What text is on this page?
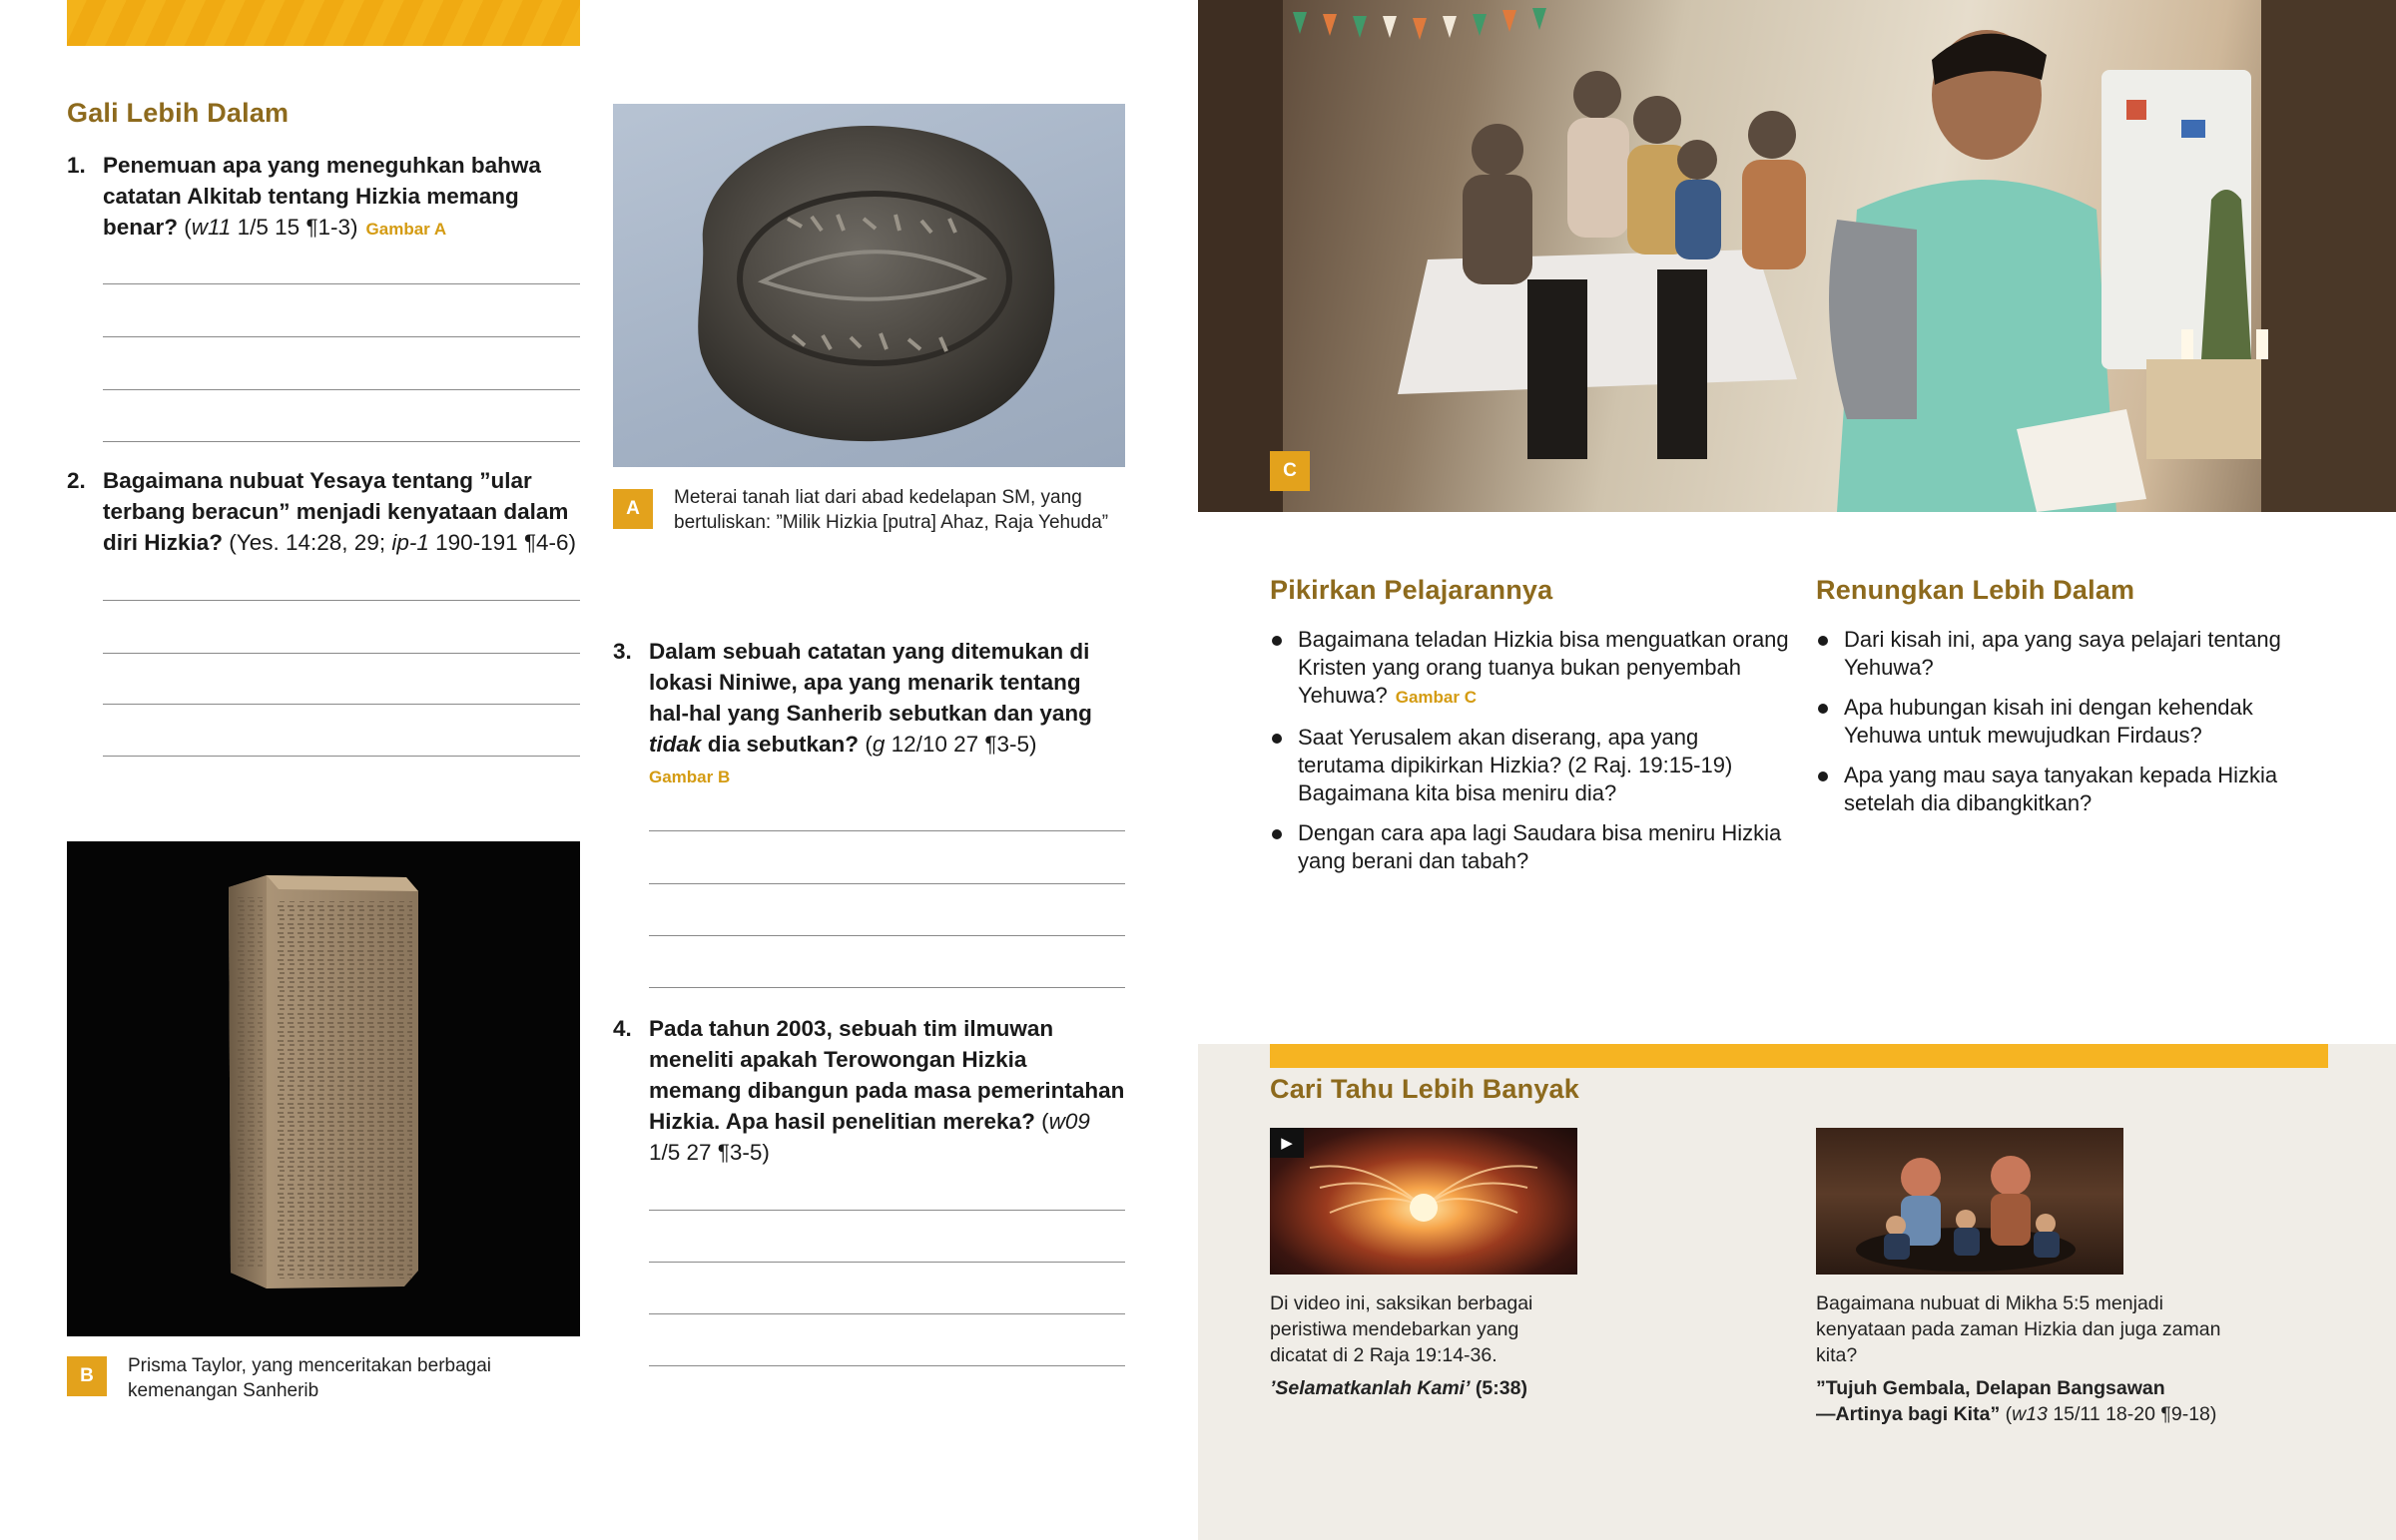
Gali Lebih Dalam
1. Penemuan apa yang meneguhkan bahwa catatan Alkitab tentang Hizkia memang benar? (w11 1/5 15 ¶1-3) Gambar A
2. Bagaimana nubuat Yesaya tentang ”ular terbang beracun” menjadi kenyataan dalam diri Hizkia? (Yes. 14:28, 29; ip-1 190-191 ¶4-6)
A
Meterai tanah liat dari abad kedelapan SM, yang bertuliskan: ”Milik Hizkia [putra] Ahaz, Raja Yehuda”
3. Dalam sebuah catatan yang ditemukan di lokasi Niniwe, apa yang menarik tentang hal-hal yang Sanherib sebutkan dan yang tidak dia sebutkan? (g 12/10 27 ¶3-5)
Gambar B
4. Pada tahun 2003, sebuah tim ilmuwan meneliti apakah Terowongan Hizkia memang dibangun pada masa pemerintahan Hizkia. Apa hasil penelitian mereka? (w09 1/5 27 ¶3-5)
B	Prisma Taylor, yang menceritakan berbagai kemenangan Sanherib
C
Pikirkan Pelajarannya
Bagaimana teladan Hizkia bisa menguatkan orang Kristen yang orang tuanya bukan penyembah Yehuwa? Gambar C
Saat Yerusalem akan diserang, apa yang terutama dipikirkan Hizkia? (2 Raj. 19:15-19) Bagaimana kita bisa meniru dia?
Dengan cara apa lagi Saudara bisa meniru Hizkia yang berani dan tabah?
Renungkan Lebih Dalam
Dari kisah ini, apa yang saya pelajari tentang Yehuwa?
Apa hubungan kisah ini dengan kehendak Yehuwa untuk mewujudkan Firdaus?
Apa yang mau saya tanyakan kepada Hizkia setelah dia dibangkitkan?
Cari Tahu Lebih Banyak
▶
Di video ini, saksikan berbagai peristiwa mendebarkan yang dicatat di 2 Raja 19:14-36.
’Selamatkanlah Kami’ (5:38)
Bagaimana nubuat di Mikha 5:5 menjadi kenyataan pada zaman Hizkia dan juga zaman kita?
”Tujuh Gembala, Delapan Bangsawan
—Artinya bagi Kita” (w13 15/11 18-20 ¶9-18)
